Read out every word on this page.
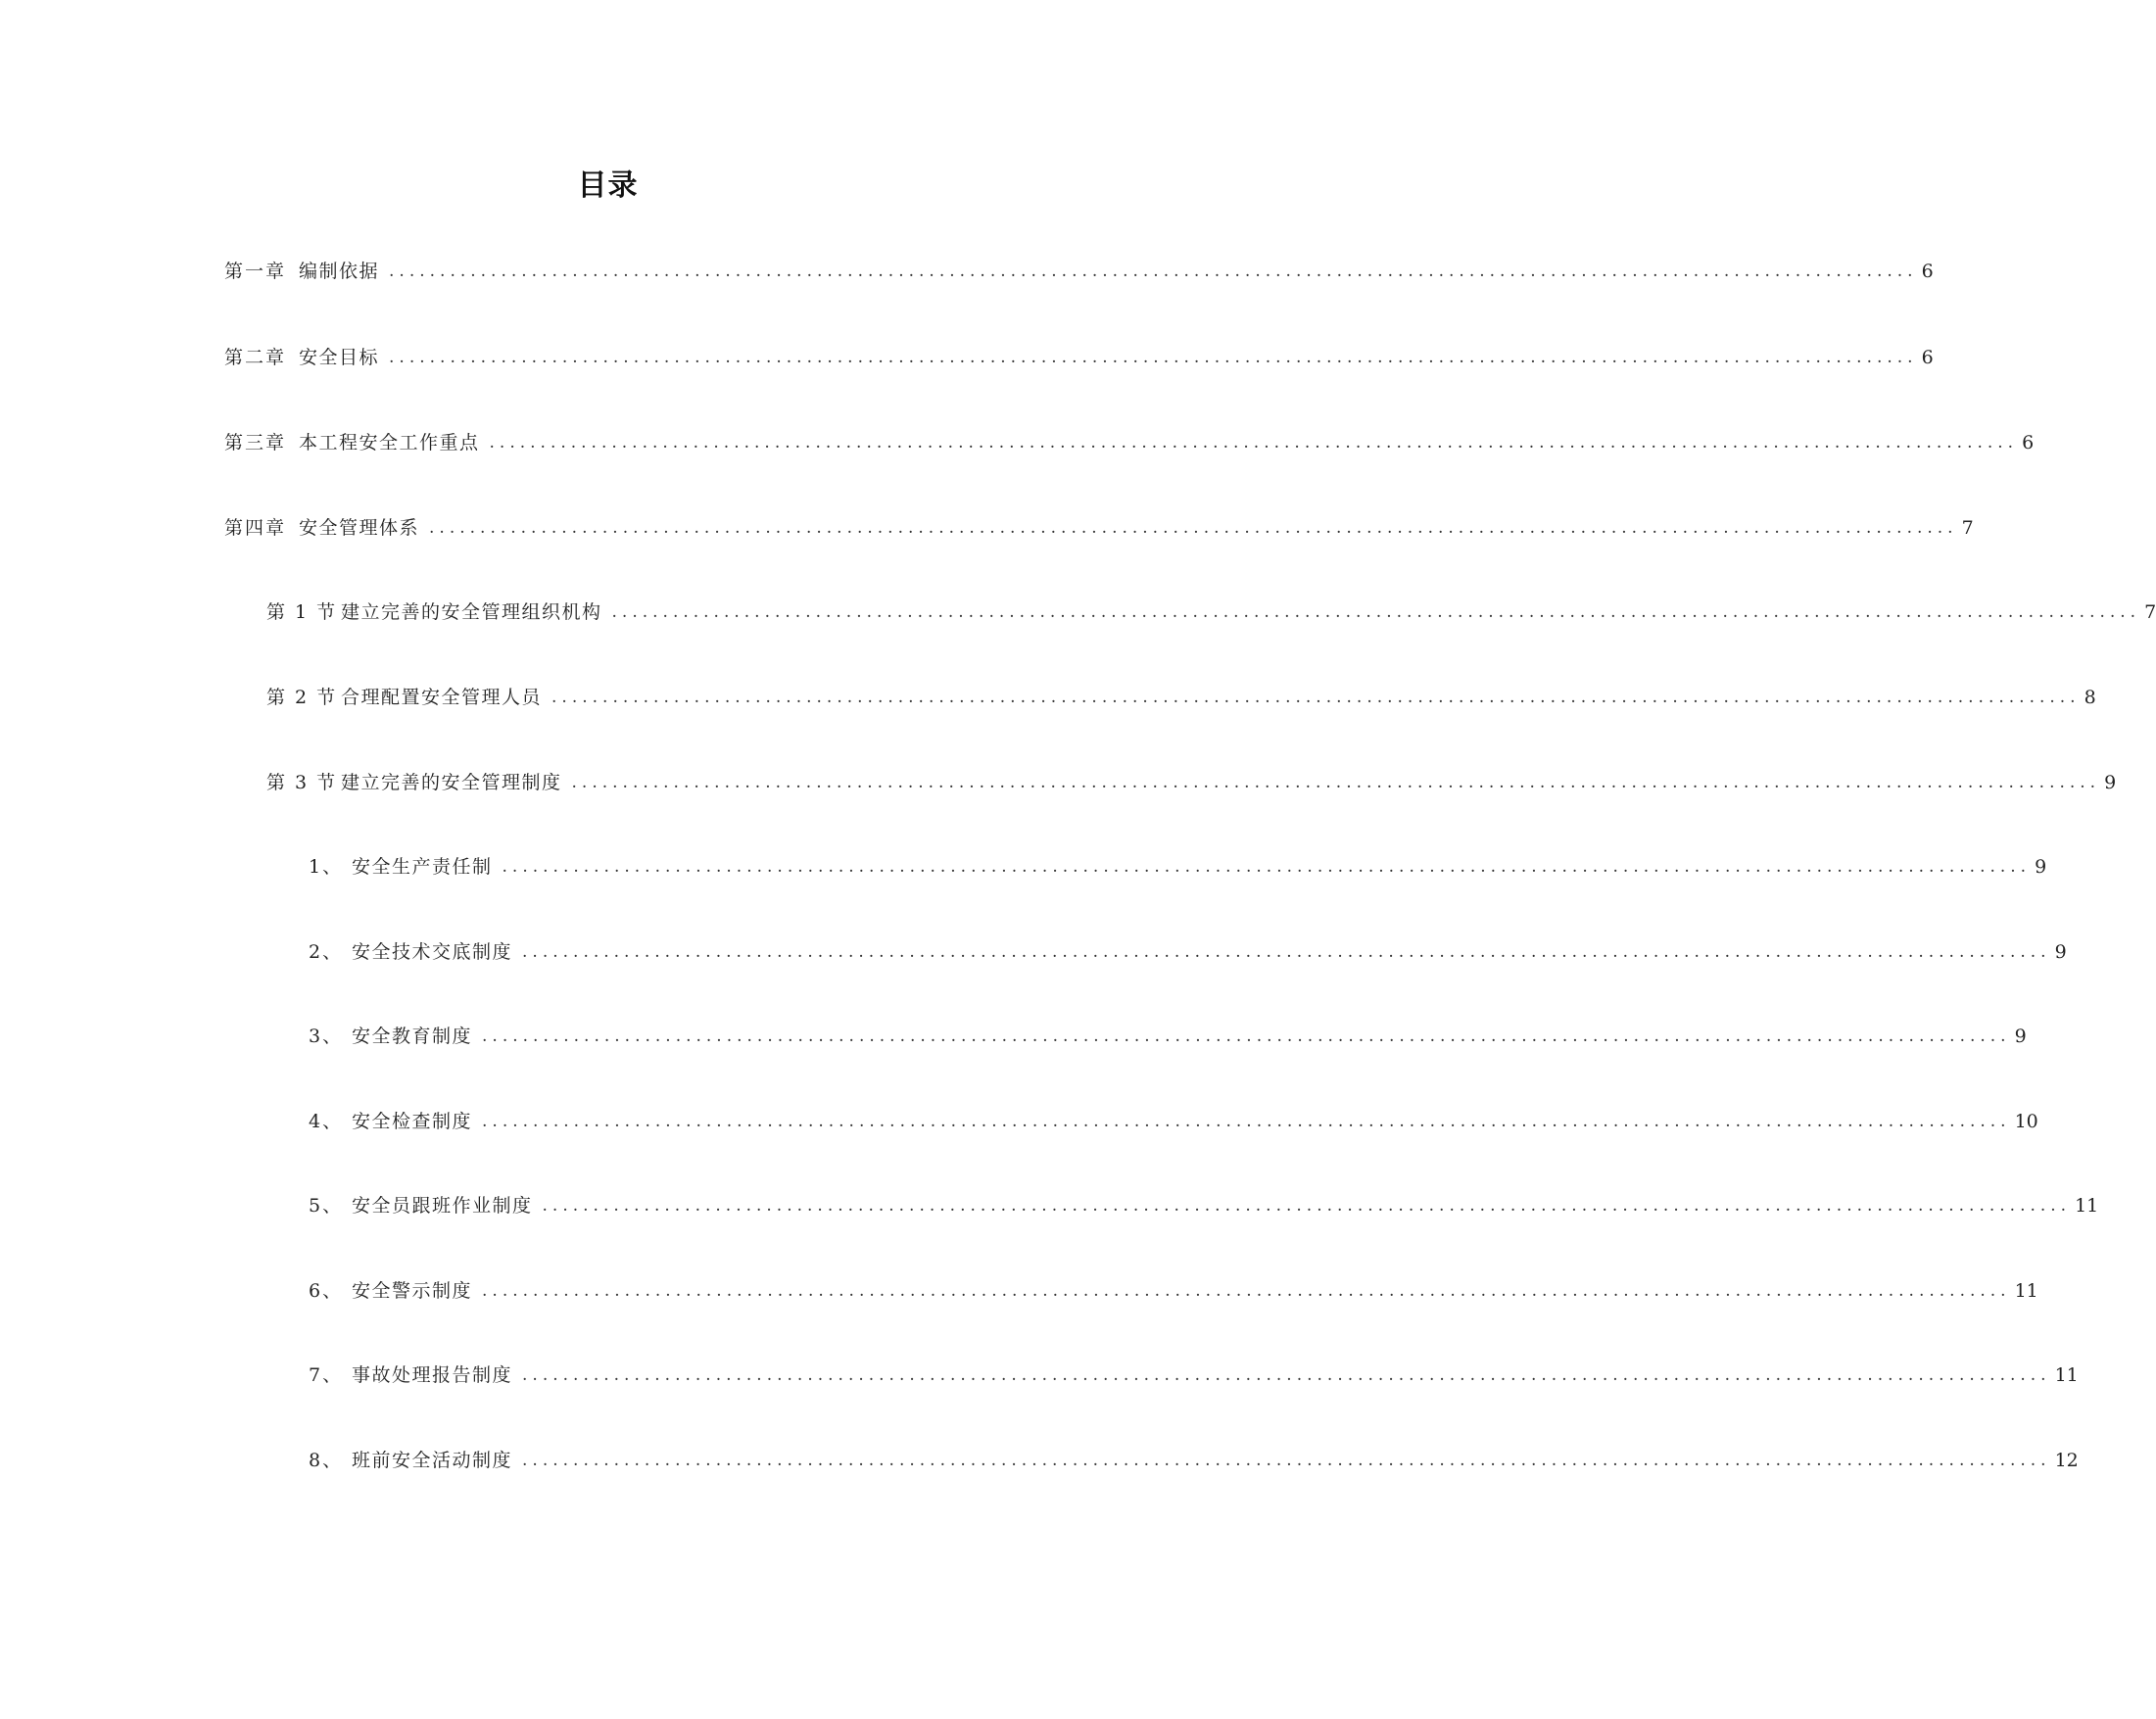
目录
第一章 编制依据 ...................................................................................................................................................... 6
第二章 安全目标 ...................................................................................................................................................... 6
第三章 本工程安全工作重点 ...................................................................................................................................................... 6
第四章 安全管理体系 ...................................................................................................................................................... 7
第 1 节 建立完善的安全管理组织机构 ...................................................................................................................................................... 7
第 2 节 合理配置安全管理人员 ...................................................................................................................................................... 8
第 3 节 建立完善的安全管理制度 ...................................................................................................................................................... 9
1、 安全生产责任制 ...................................................................................................................................................... 9
2、 安全技术交底制度 ...................................................................................................................................................... 9
3、 安全教育制度 ...................................................................................................................................................... 9
4、 安全检查制度 ...................................................................................................................................................... 10
5、 安全员跟班作业制度 ...................................................................................................................................................... 11
6、 安全警示制度 ...................................................................................................................................................... 11
7、 事故处理报告制度 ...................................................................................................................................................... 11
8、 班前安全活动制度 ...................................................................................................................................................... 12
